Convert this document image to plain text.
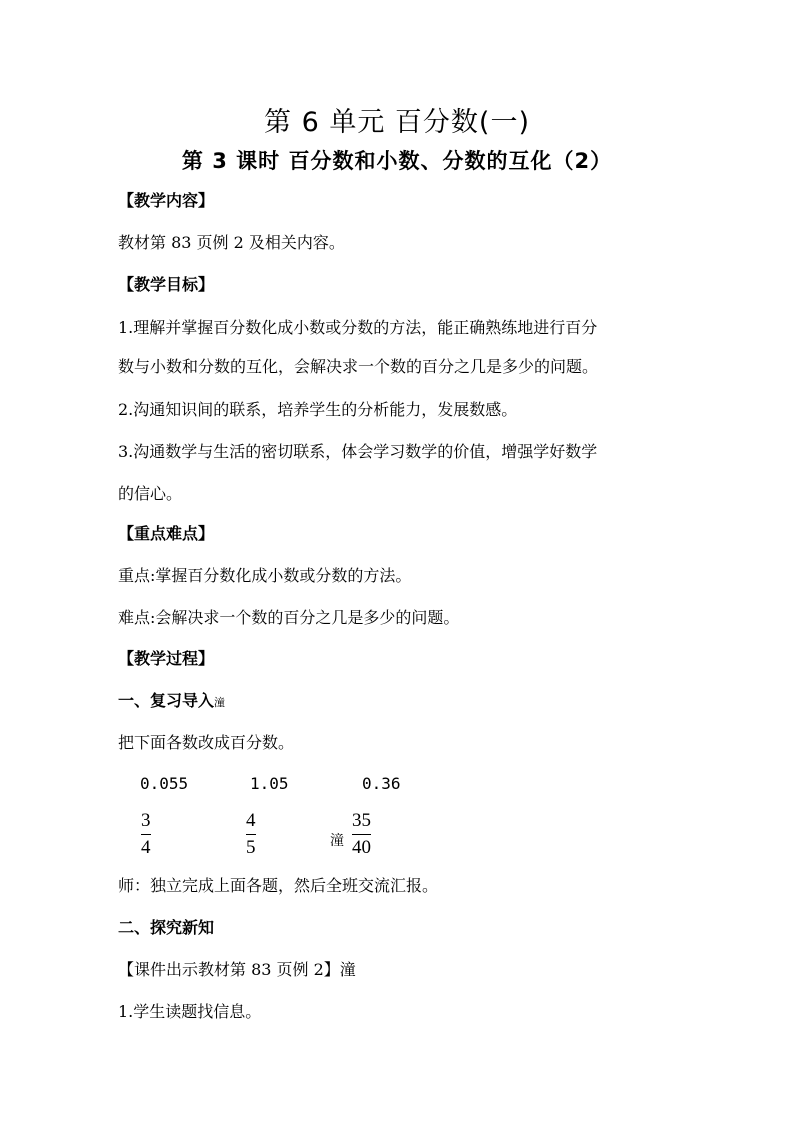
第 6 单元 百分数(一)
第 3 课时 百分数和小数、分数的互化（2）
【教学内容】
教材第 83 页例 2 及相关内容。
【教学目标】
1.理解并掌握百分数化成小数或分数的方法，能正确熟练地进行百分
数与小数和分数的互化，会解决求一个数的百分之几是多少的问题。
2.沟通知识间的联系，培养学生的分析能力，发展数感。
3.沟通数学与生活的密切联系，体会学习数学的价值，增强学好数学
的信心。
【重点难点】
重点:掌握百分数化成小数或分数的方法。
难点:会解决求一个数的百分之几是多少的问题。
【教学过程】
一、复习导入潼
把下面各数改成百分数。
0.055	1.05	0.36
3
4
4
5	潼
35
40
师：独立完成上面各题，然后全班交流汇报。
二、探究新知
【课件出示教材第 83 页例 2】潼
1.学生读题找信息。
